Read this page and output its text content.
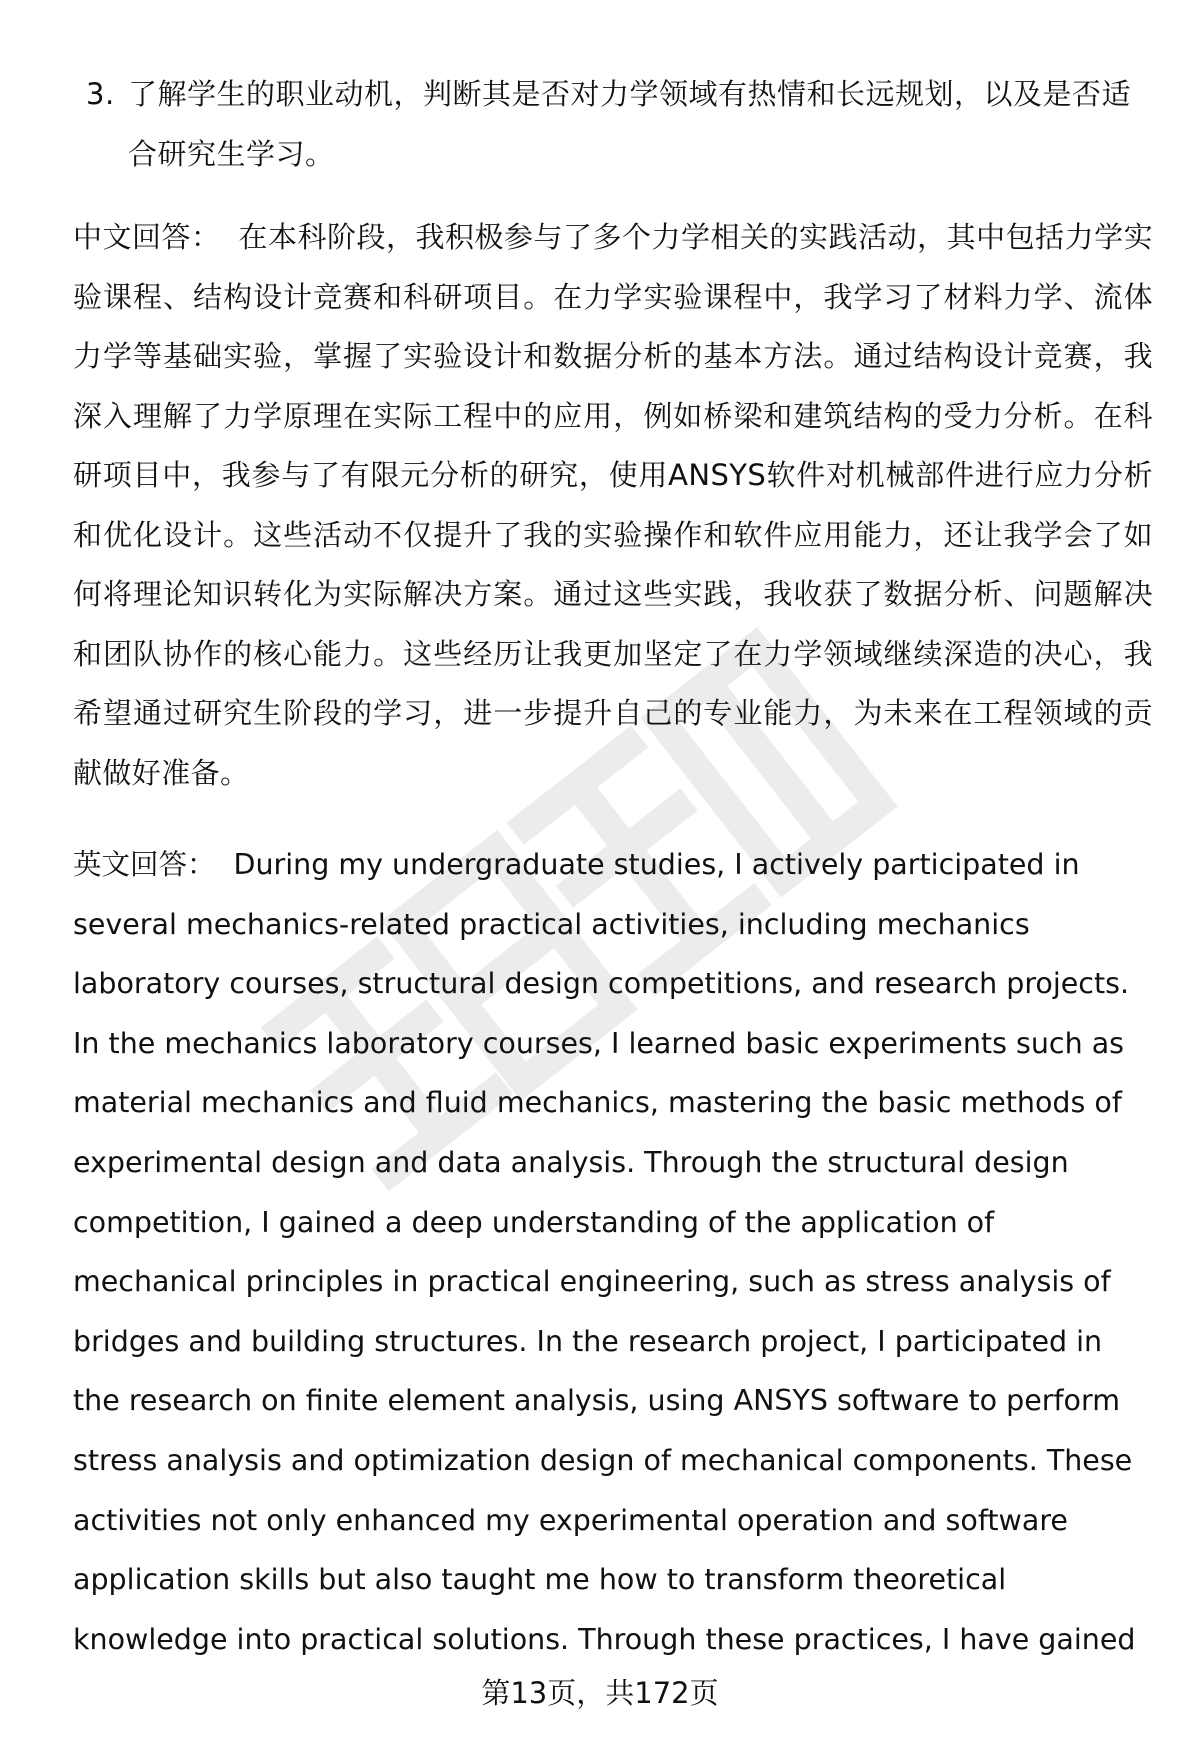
3. 了解学生的职业动机，判断其是否对力学领域有热情和长远规划，以及是否适合研究生学习。
中文回答： 在本科阶段，我积极参与了多个力学相关的实践活动，其中包括力学实验课程、结构设计竞赛和科研项目。在力学实验课程中，我学习了材料力学、流体力学等基础实验，掌握了实验设计和数据分析的基本方法。通过结构设计竞赛，我深入理解了力学原理在实际工程中的应用，例如桥梁和建筑结构的受力分析。在科研项目中，我参与了有限元分析的研究，使用ANSYS软件对机械部件进行应力分析和优化设计。这些活动不仅提升了我的实验操作和软件应用能力，还让我学会了如何将理论知识转化为实际解决方案。通过这些实践，我收获了数据分析、问题解决和团队协作的核心能力。这些经历让我更加坚定了在力学领域继续深造的决心，我希望通过研究生阶段的学习，进一步提升自己的专业能力，为未来在工程领域的贡献做好准备。
英文回答： During my undergraduate studies, I actively participated in several mechanics-related practical activities, including mechanics laboratory courses, structural design competitions, and research projects. In the mechanics laboratory courses, I learned basic experiments such as material mechanics and fluid mechanics, mastering the basic methods of experimental design and data analysis. Through the structural design competition, I gained a deep understanding of the application of mechanical principles in practical engineering, such as stress analysis of bridges and building structures. In the research project, I participated in the research on finite element analysis, using ANSYS software to perform stress analysis and optimization design of mechanical components. These activities not only enhanced my experimental operation and software application skills but also taught me how to transform theoretical knowledge into practical solutions. Through these practices, I have gained
第13页，共172页
